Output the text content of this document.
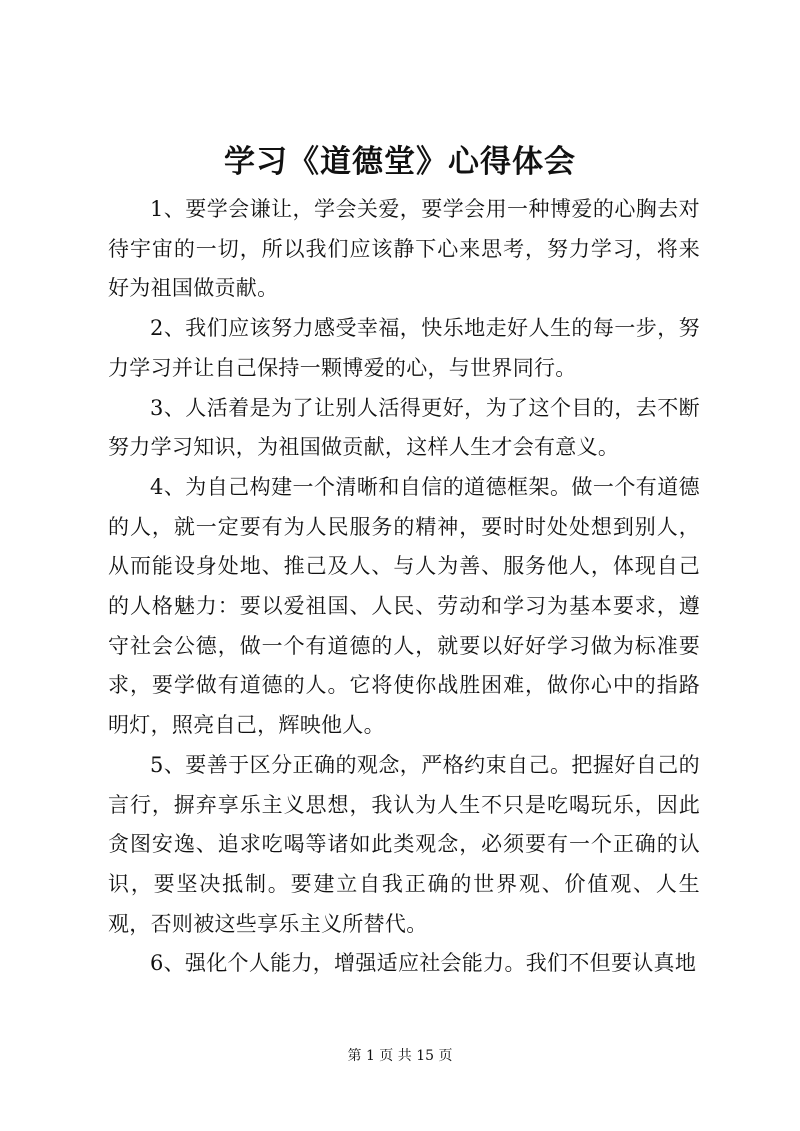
学习《道德堂》心得体会

1、要学会谦让，学会关爱，要学会用一种博爱的心胸去对待宇宙的一切，所以我们应该静下心来思考，努力学习，将来好为祖国做贡献。

2、我们应该努力感受幸福，快乐地走好人生的每一步，努力学习并让自己保持一颗博爱的心，与世界同行。

3、人活着是为了让别人活得更好，为了这个目的，去不断努力学习知识，为祖国做贡献，这样人生才会有意义。

4、为自己构建一个清晰和自信的道德框架。做一个有道德的人，就一定要有为人民服务的精神，要时时处处想到别人，从而能设身处地、推己及人、与人为善、服务他人，体现自己的人格魅力：要以爱祖国、人民、劳动和学习为基本要求，遵守社会公德，做一个有道德的人，就要以好好学习做为标准要求，要学做有道德的人。它将使你战胜困难，做你心中的指路明灯，照亮自己，辉映他人。

5、要善于区分正确的观念，严格约束自己。把握好自己的言行，摒弃享乐主义思想，我认为人生不只是吃喝玩乐，因此贪图安逸、追求吃喝等诸如此类观念，必须要有一个正确的认识，要坚决抵制。要建立自我正确的世界观、价值观、人生观，否则被这些享乐主义所替代。

6、强化个人能力，增强适应社会能力。我们不但要认真地

第 1 页 共 15 页
